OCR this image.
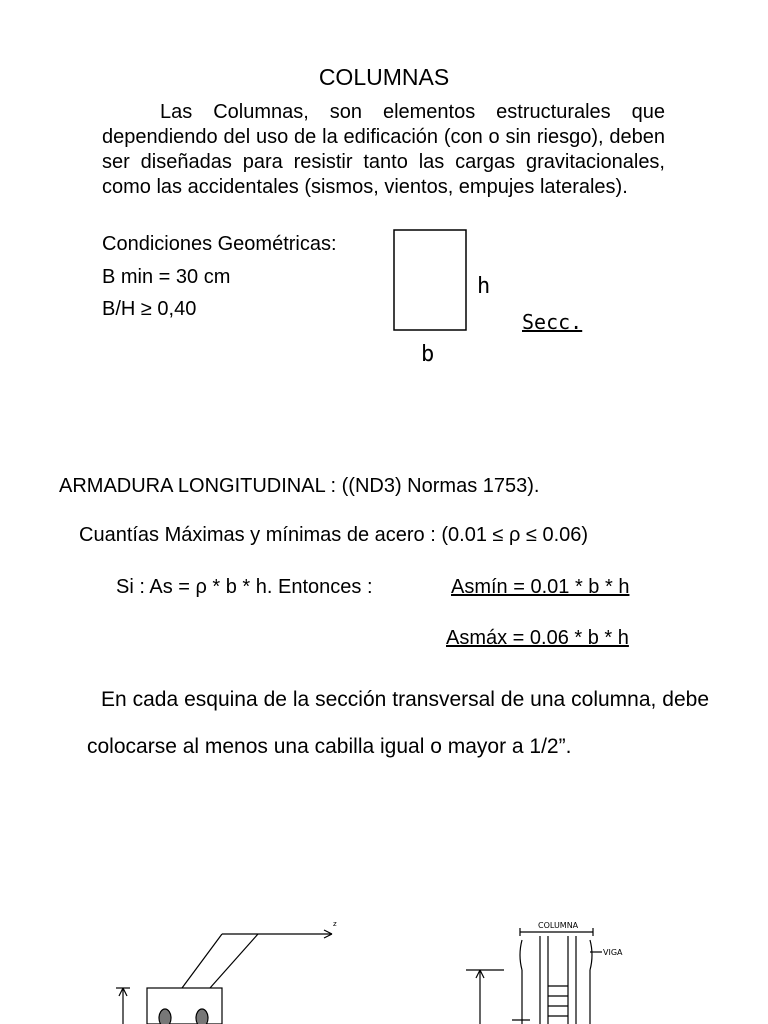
COLUMNAS
Las Columnas, son elementos estructurales que dependiendo del uso de la edificación (con o sin riesgo), deben ser diseñadas para resistir tanto las cargas gravitacionales, como las accidentales (sismos, vientos, empujes laterales).
Condiciones Geométricas:
B min = 30 cm
B/H ≥ 0,40
h
b
Secc.
ARMADURA LONGITUDINAL : ((ND3) Normas 1753).
Cuantías Máximas y mínimas de acero : (0.01 ≤ ρ ≤ 0.06)
Si : As = ρ * b * h. Entonces :	Asmín = 0.01 * b * h
Asmáx = 0.06 * b * h

En cada esquina de la sección transversal de una columna, debe colocarse al menos una cabilla igual o mayor a 1/2”.

z	COLUMNA
VIGA
